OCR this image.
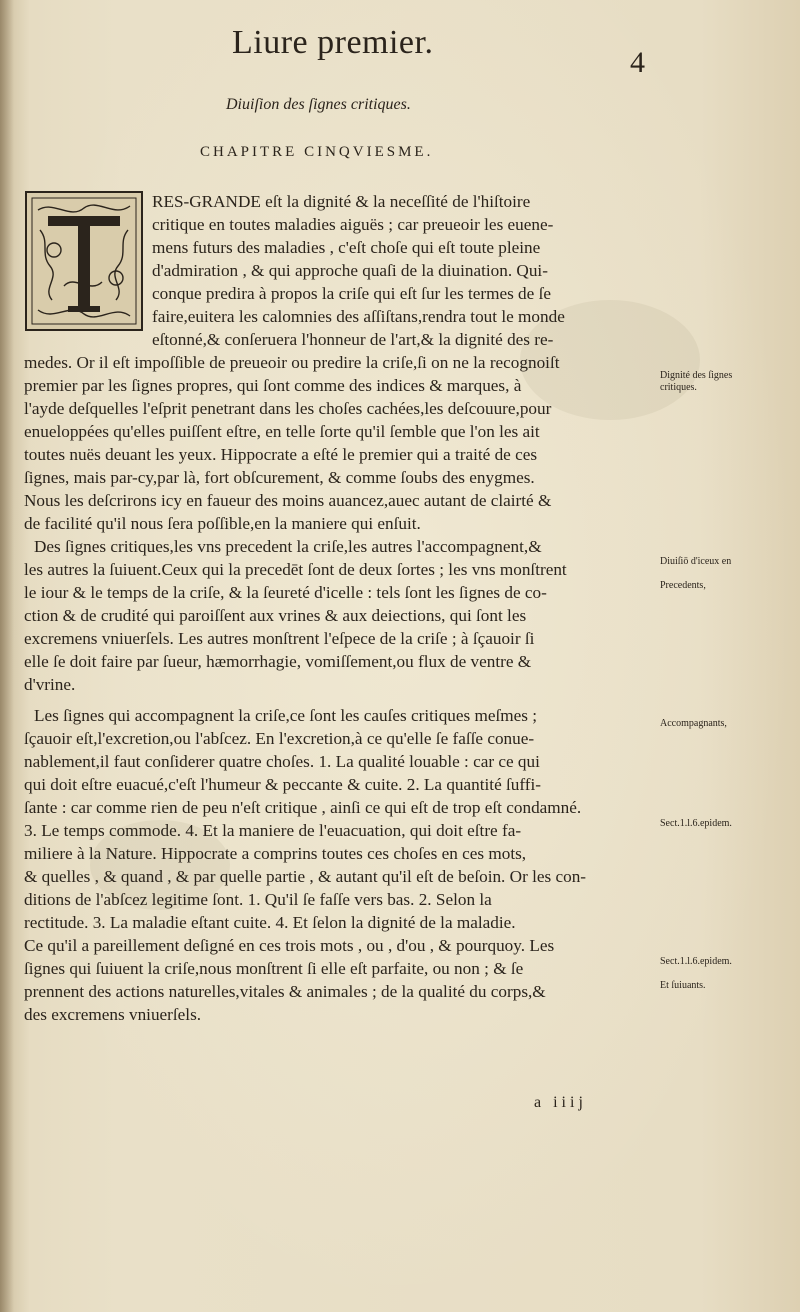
Liure premier.
4
Diuiſion des ſignes critiques.
CHAPITRE CINQVIESME.
RES-GRANDE eſt la dignité & la neceſſité de l'hiſtoire
critique en toutes maladies aiguës ; car preueoir les euene-
mens futurs des maladies , c'eſt choſe qui eſt toute pleine
d'admiration , & qui approche quaſi de la diuination. Qui-
conque predira à propos la criſe qui eſt ſur les termes de ſe
faire,euitera les calomnies des aſſiſtans,rendra tout le monde
eſtonné,& conſeruera l'honneur de l'art,& la dignité des re-
medes. Or il eſt impoſſible de preueoir ou predire la criſe,ſi on ne la recognoiſt
premier par les ſignes propres, qui ſont comme des indices & marques, à
l'ayde deſquelles l'eſprit penetrant dans les choſes cachées,les deſcouure,pour
enueloppées qu'elles puiſſent eſtre, en telle ſorte qu'il ſemble que l'on les ait
toutes nuës deuant les yeux. Hippocrate a eſté le premier qui a traité de ces
ſignes, mais par-cy,par là, fort obſcurement, & comme ſoubs des enygmes.
Nous les deſcrirons icy en faueur des moins auancez,auec autant de clairté &
de facilité qu'il nous ſera poſſible,en la maniere qui enſuit.
Des ſignes critiques,les vns precedent la criſe,les autres l'accompagnent,&
les autres la ſuiuent.Ceux qui la precedēt ſont de deux ſortes ; les vns monſtrent
le iour & le temps de la criſe, & la ſeureté d'icelle : tels ſont les ſignes de co-
ction & de crudité qui paroiſſent aux vrines & aux deiections, qui ſont les
excremens vniuerſels. Les autres monſtrent l'eſpece de la criſe ; à ſçauoir ſi
elle ſe doit faire par ſueur, hæmorrhagie, vomiſſement,ou flux de ventre &
d'vrine.
Les ſignes qui accompagnent la criſe,ce ſont les cauſes critiques meſmes ;
ſçauoir eſt,l'excretion,ou l'abſcez. En l'excretion,à ce qu'elle ſe faſſe conue-
nablement,il faut conſiderer quatre choſes. 1. La qualité louable : car ce qui
qui doit eſtre euacué,c'eſt l'humeur & peccante & cuite. 2. La quantité ſuffi-
ſante : car comme rien de peu n'eſt critique , ainſi ce qui eſt de trop eſt condamné.
3. Le temps commode. 4. Et la maniere de l'euacuation, qui doit eſtre fa-
miliere à la Nature. Hippocrate a comprins toutes ces choſes en ces mots,
& quelles , & quand , & par quelle partie , & autant qu'il eſt de beſoin. Or les con-
ditions de l'abſcez legitime ſont. 1. Qu'il ſe faſſe vers bas. 2. Selon la
rectitude. 3. La maladie eſtant cuite. 4. Et ſelon la dignité de la maladie.
Ce qu'il a pareillement deſigné en ces trois mots , ou , d'ou , & pourquoy. Les
ſignes qui ſuiuent la criſe,nous monſtrent ſi elle eſt parfaite, ou non ; & ſe
prennent des actions naturelles,vitales & animales ; de la qualité du corps,&
des excremens vniuerſels.
Dignité des ſignes
critiques.
Diuiſiō d'iceux en
Precedents,
Accompagnants,
Sect.1.l.6.epidem.
Sect.1.l.6.epidem.
Et ſuiuants.
a iiij
